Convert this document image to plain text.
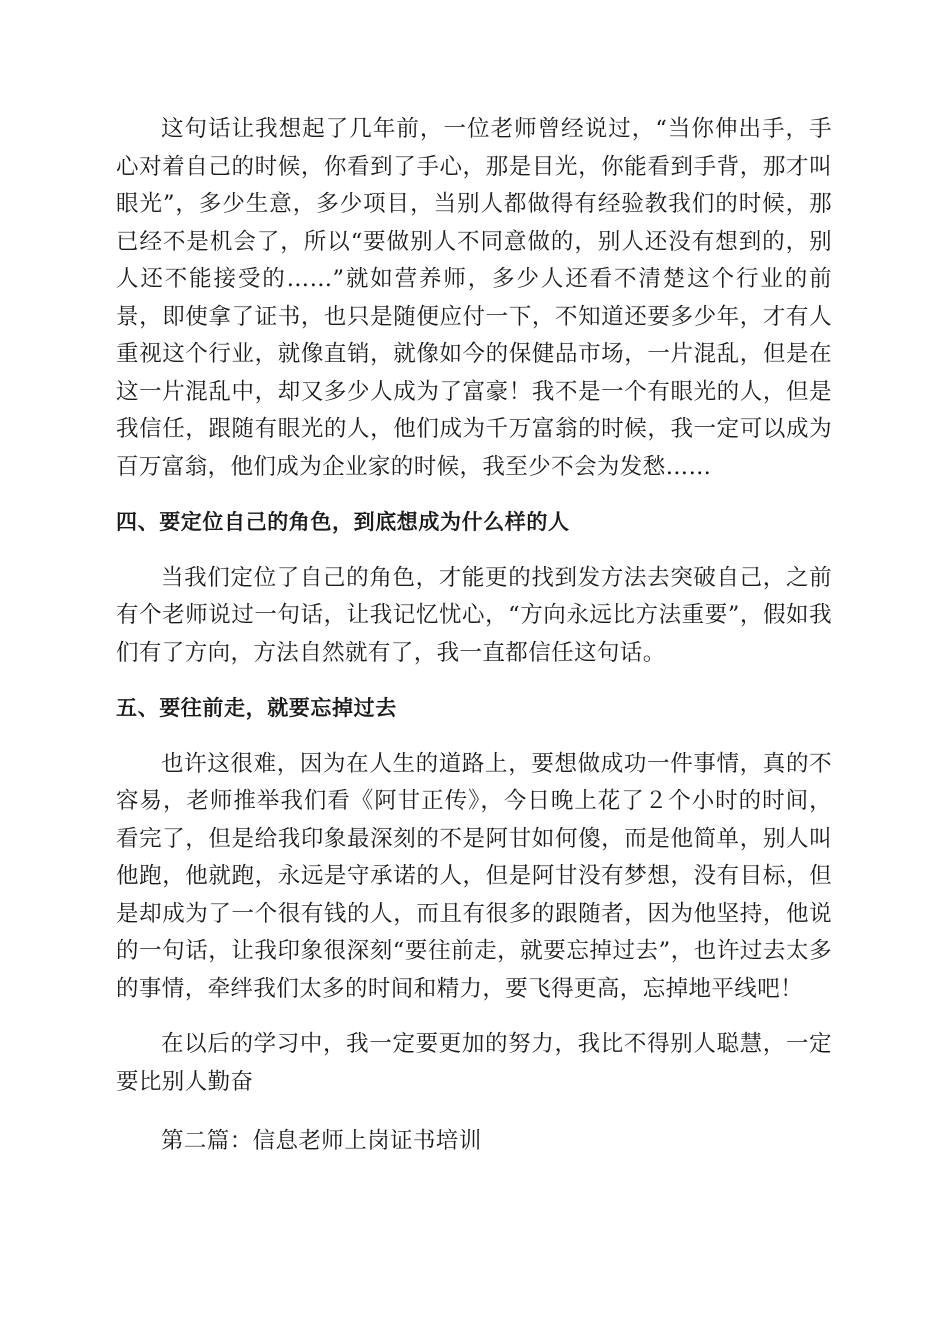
这句话让我想起了几年前，一位老师曾经说过，“当你伸出手，手心对着自己的时候，你看到了手心，那是目光，你能看到手背，那才叫眼光”，多少生意，多少项目，当别人都做得有经验教我们的时候，那已经不是机会了，所以“要做别人不同意做的，别人还没有想到的，别人还不能接受的……”就如营养师，多少人还看不清楚这个行业的前景，即使拿了证书，也只是随便应付一下，不知道还要多少年，才有人重视这个行业，就像直销，就像如今的保健品市场，一片混乱，但是在这一片混乱中，却又多少人成为了富豪！我不是一个有眼光的人，但是我信任，跟随有眼光的人，他们成为千万富翁的时候，我一定可以成为百万富翁，他们成为企业家的时候，我至少不会为发愁……

四、要定位自己的角色，到底想成为什么样的人

当我们定位了自己的角色，才能更的找到发方法去突破自己，之前有个老师说过一句话，让我记忆忧心，“方向永远比方法重要”，假如我们有了方向，方法自然就有了，我一直都信任这句话。

五、要往前走，就要忘掉过去

也许这很难，因为在人生的道路上，要想做成功一件事情，真的不容易，老师推举我们看《阿甘正传》，今日晚上花了２个小时的时间，看完了，但是给我印象最深刻的不是阿甘如何傻，而是他简单，别人叫他跑，他就跑，永远是守承诺的人，但是阿甘没有梦想，没有目标，但是却成为了一个很有钱的人，而且有很多的跟随者，因为他坚持，他说的一句话，让我印象很深刻“要往前走，就要忘掉过去”，也许过去太多的事情，牵绊我们太多的时间和精力，要飞得更高，忘掉地平线吧！

在以后的学习中，我一定要更加的努力，我比不得别人聪慧，一定要比别人勤奋

第二篇：信息老师上岗证书培训
